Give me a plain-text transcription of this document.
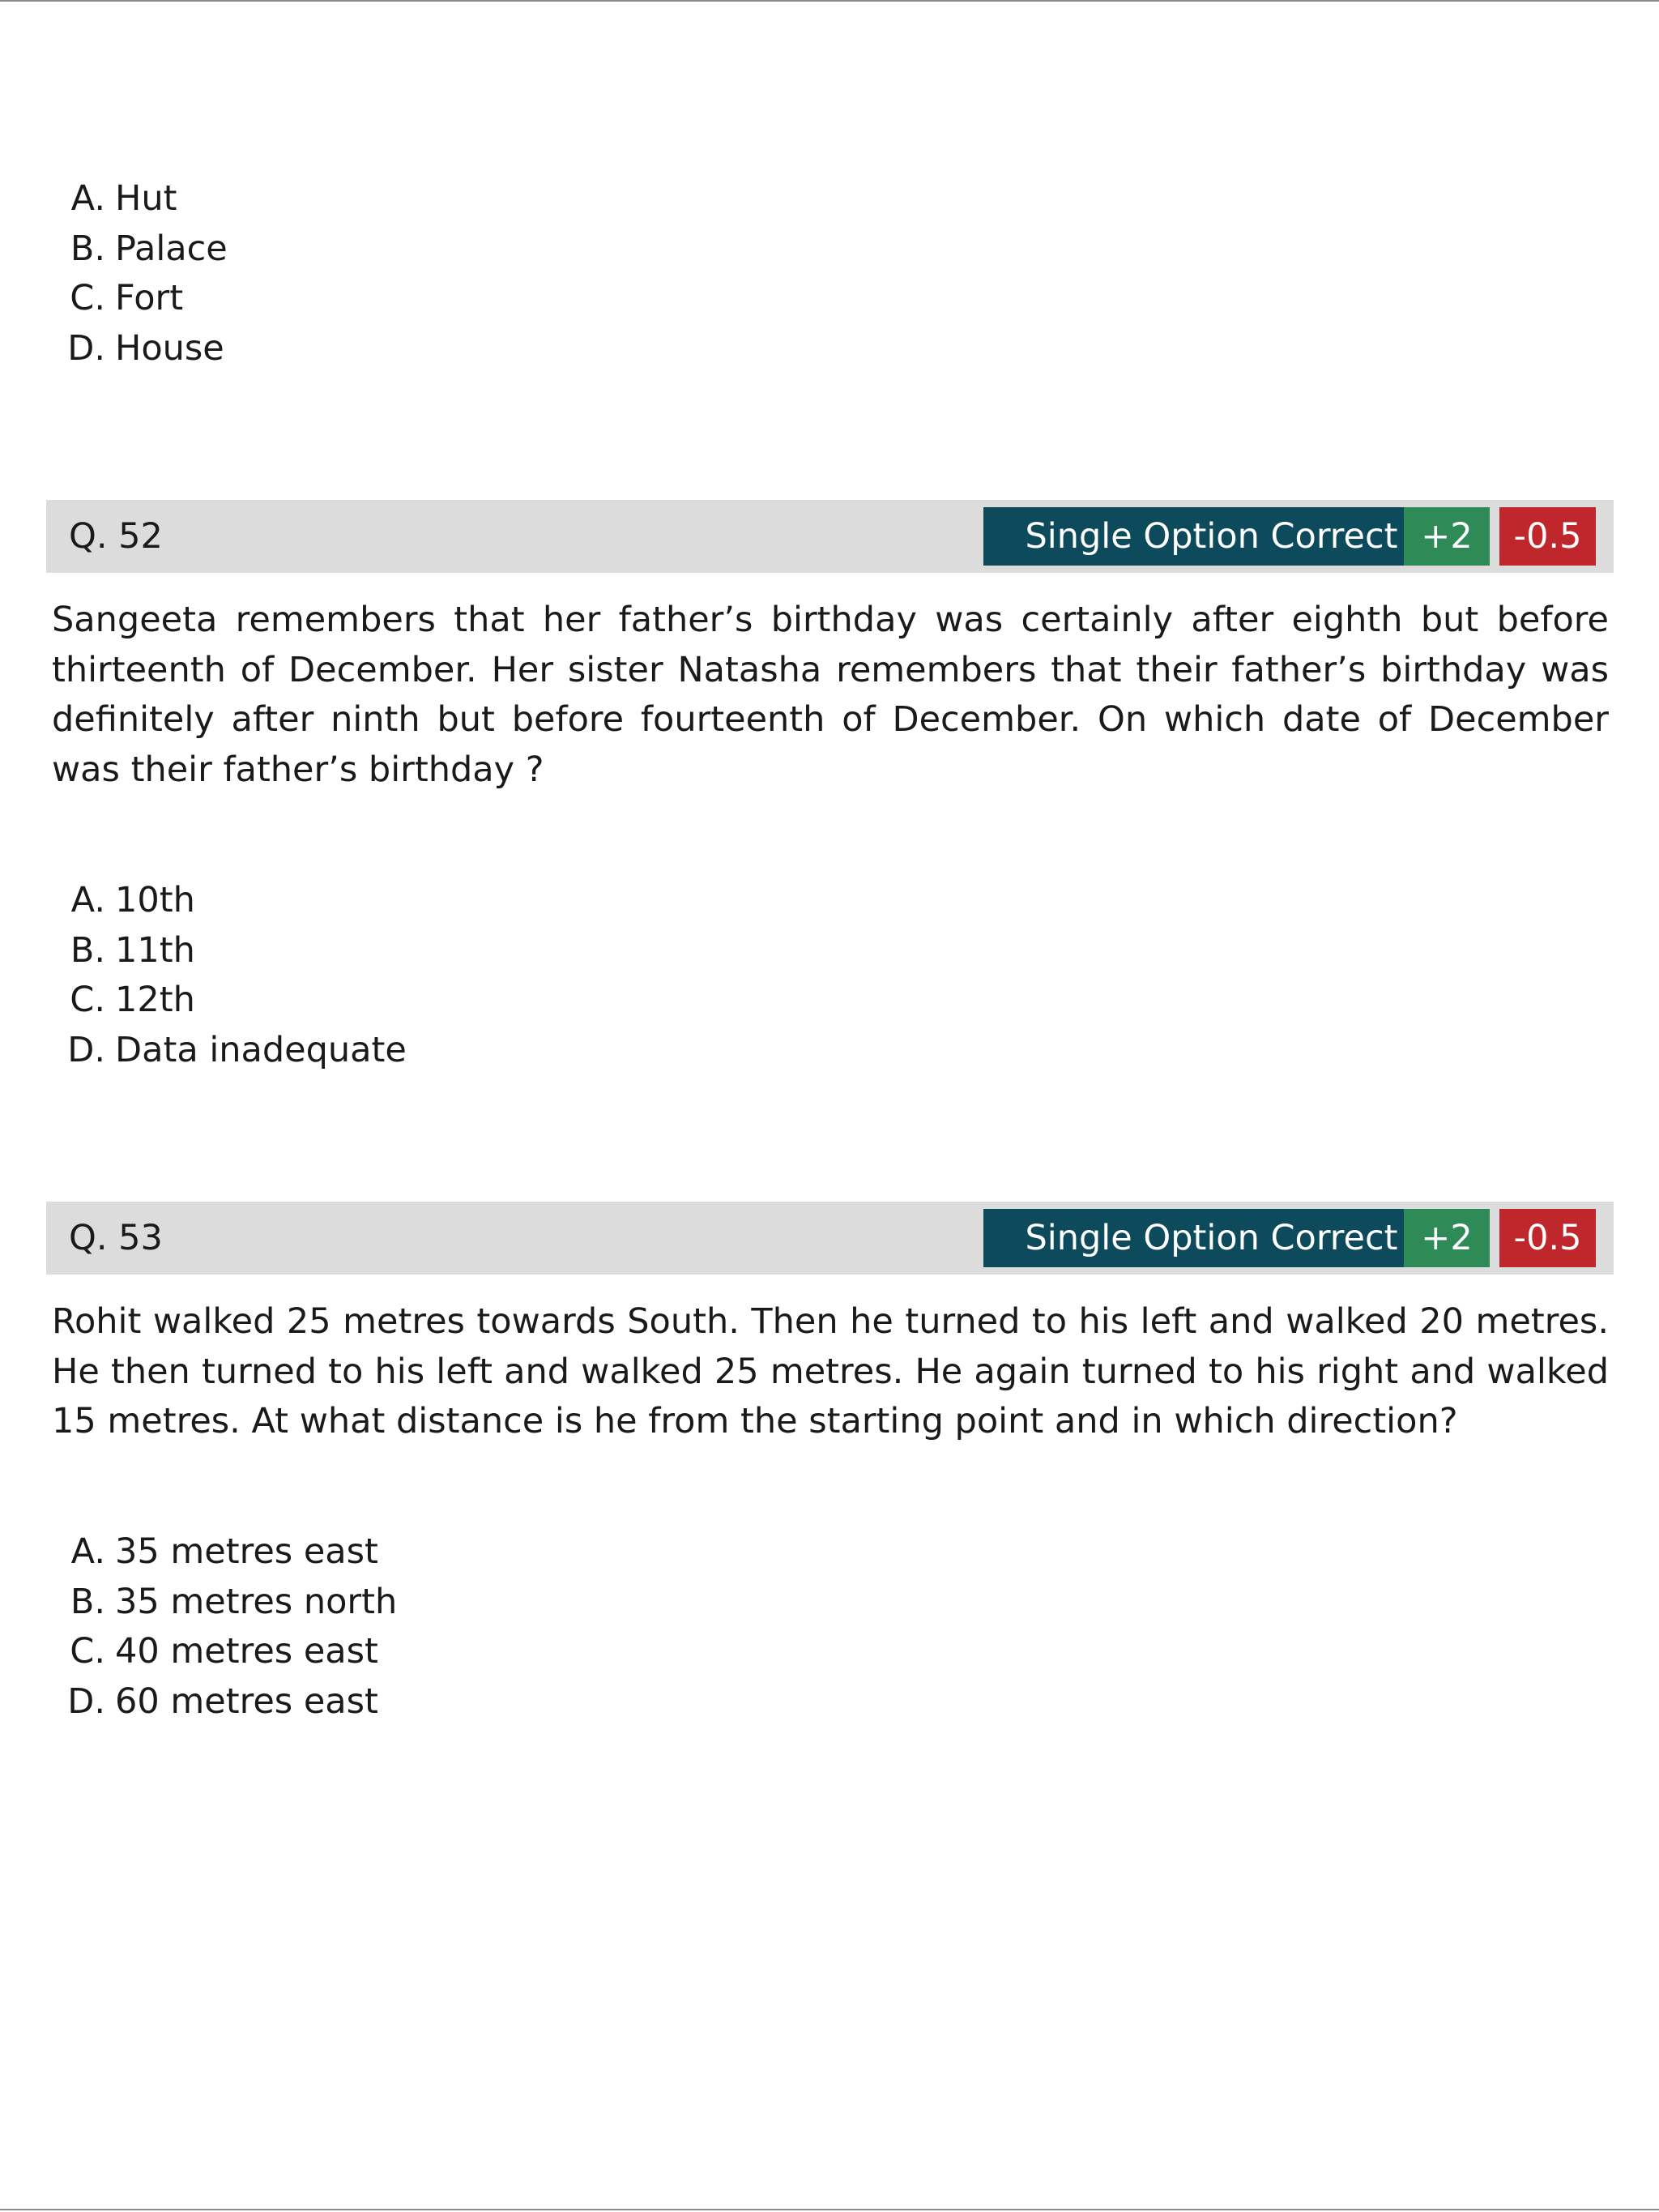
A. Hut
B. Palace
C. Fort
D. House
Q. 52	Single Option Correct +2	-0.5

Sangeeta remembers that her father’s birthday was certainly after eighth but before thirteenth of December. Her sister Natasha remembers that their father’s birthday was definitely after ninth but before fourteenth of December. On which date of December was their father’s birthday ?

A. 10th
B. 11th
C. 12th
D. Data inadequate
Q. 53	Single Option Correct +2	-0.5

Rohit walked 25 metres towards South. Then he turned to his left and walked 20 metres. He then turned to his left and walked 25 metres. He again turned to his right and walked 15 metres. At what distance is he from the starting point and in which direction?

A. 35 metres east
B. 35 metres north
C. 40 metres east
D. 60 metres east
